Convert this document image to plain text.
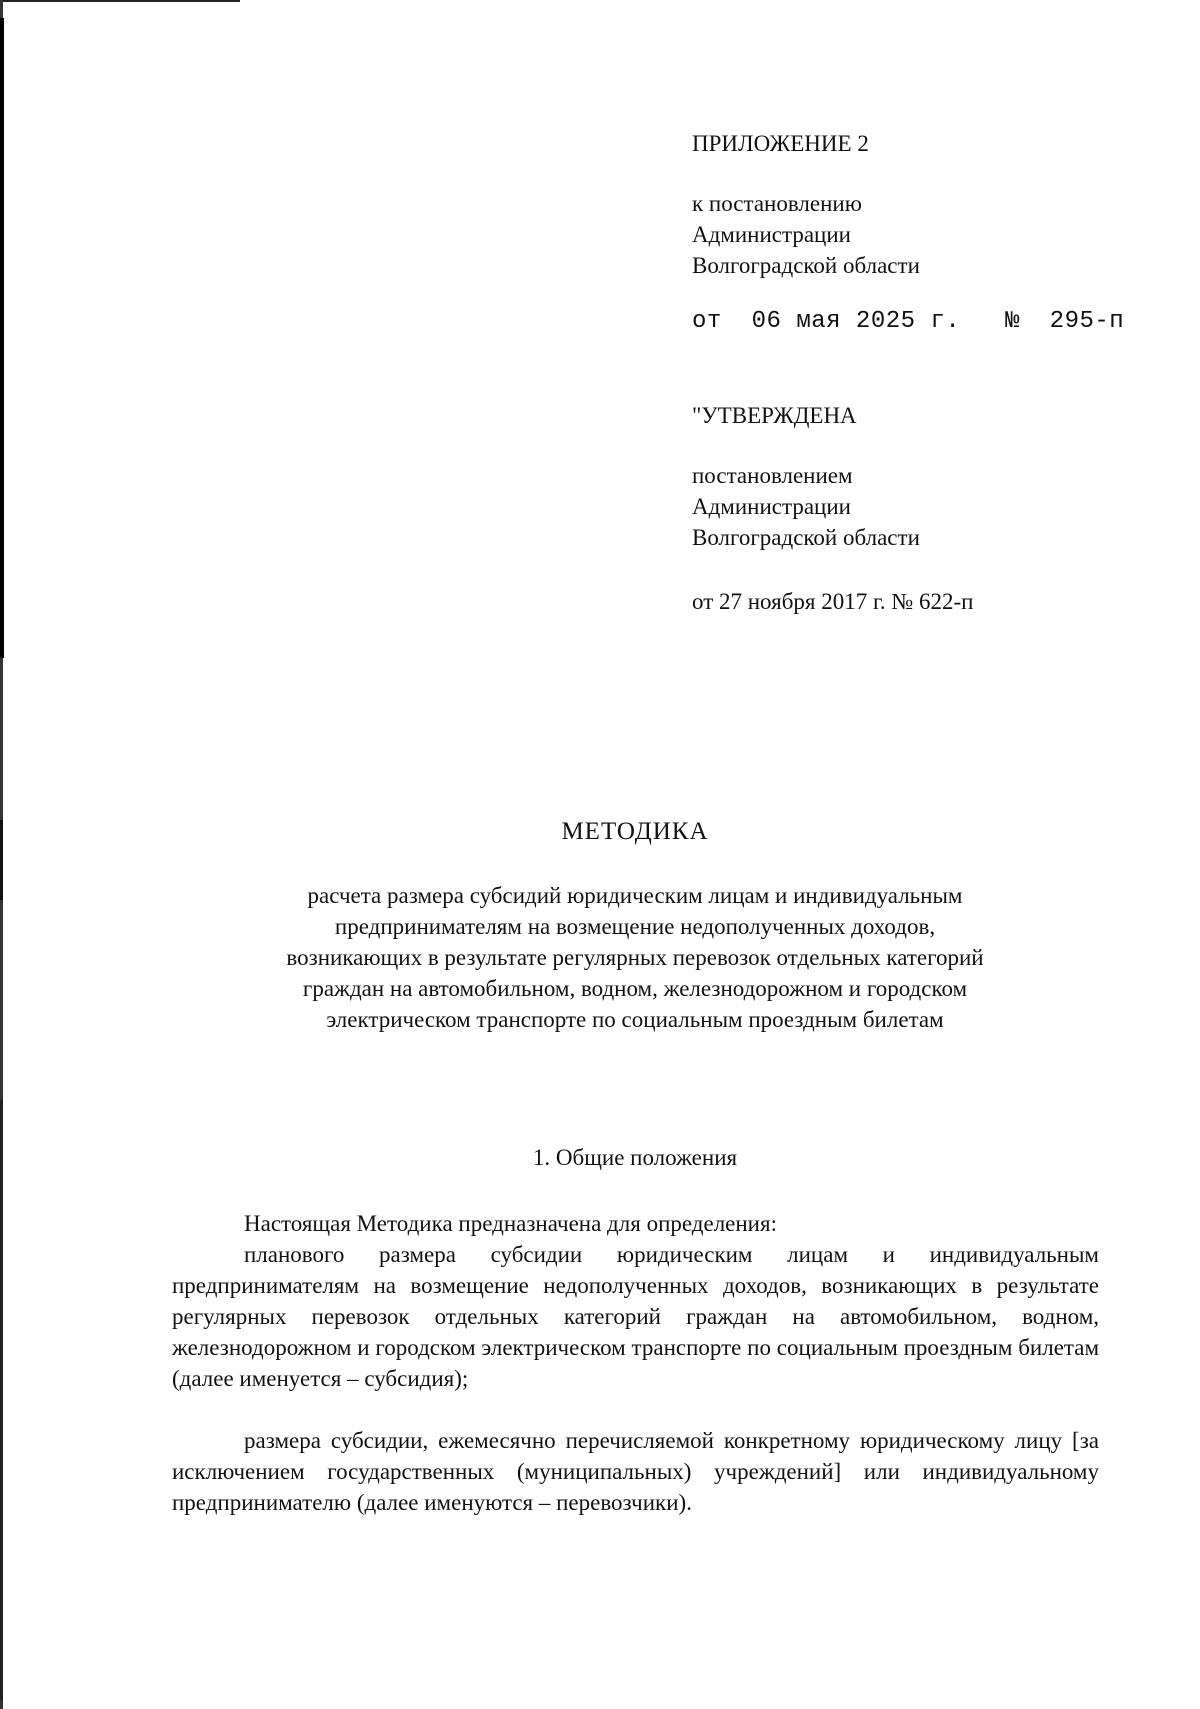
ПРИЛОЖЕНИЕ 2
к постановлению
Администрации
Волгоградской области
от  06 мая 2025 г. №  295-п
"УТВЕРЖДЕНА
постановлением
Администрации
Волгоградской области
от 27 ноября 2017 г. № 622-п
МЕТОДИКА
расчета размера субсидий юридическим лицам и индивидуальным
предпринимателям на возмещение недополученных доходов,
возникающих в результате регулярных перевозок отдельных категорий
граждан на автомобильном, водном, железнодорожном и городском
электрическом транспорте по социальным проездным билетам
1. Общие положения
Настоящая Методика предназначена для определения:
планового размера субсидии юридическим лицам и индивидуальным предпринимателям на возмещение недополученных доходов, возникающих в результате регулярных перевозок отдельных категорий граждан на автомобильном, водном, железнодорожном и городском электрическом транспорте по социальным проездным билетам (далее именуется – субсидия);
размера субсидии, ежемесячно перечисляемой конкретному юридическому лицу [за исключением государственных (муниципальных) учреждений] или индивидуальному предпринимателю (далее именуются – перевозчики).
